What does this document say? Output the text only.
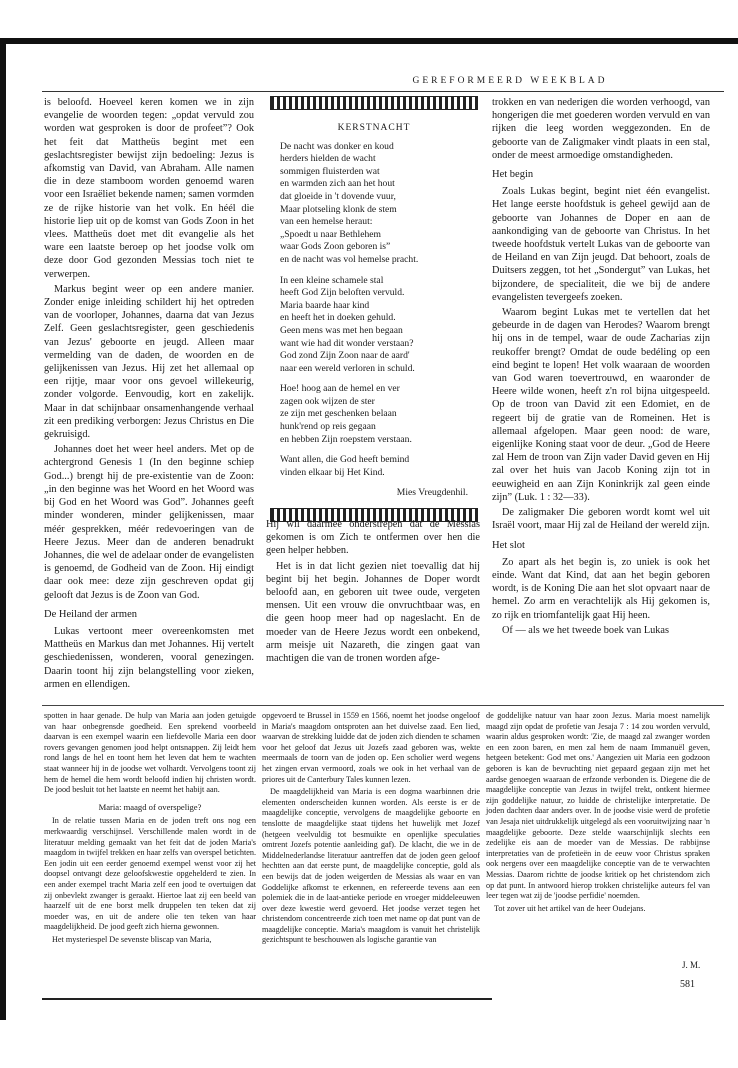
GEREFORMEERD WEEKBLAD

is beloofd. Hoeveel keren komen we in zijn evangelie de woorden tegen: „opdat vervuld zou worden wat gesproken is door de profeet”? Ook het feit dat Mattheüs begint met een geslachtsregister bewijst zijn bedoeling: Jezus is afkomstig van David, van Abraham. Alle namen die in deze stamboom worden genoemd waren voor een Israëliet bekende namen; samen vormden ze de rijke historie van het volk. En héél die historie liep uit op de komst van Gods Zoon in het vlees. Mattheüs doet met dit evangelie als het ware een laatste beroep op het joodse volk om deze door God gezonden Messias toch niet te verwerpen.

Markus begint weer op een andere manier. Zonder enige inleiding schildert hij het optreden van de voorloper, Johannes, daarna dat van Jezus Zelf. Geen geslachtsregister, geen geschiedenis van Jezus' geboorte en jeugd. Alleen maar vermelding van de daden, de woorden en de gelijkenissen van Jezus. Hij zet het allemaal op een rijtje, maar voor ons gevoel willekeurig, zonder volgorde. Eenvoudig, kort en zakelijk. Maar in dat schijnbaar onsamenhangende verhaal zit een prediking verborgen: Jezus Christus en Die gekruisigd.

Johannes doet het weer heel anders. Met op de achtergrond Genesis 1 (In den beginne schiep God...) brengt hij de pre-existentie van de Zoon: „in den beginne was het Woord en het Woord was bij God en het Woord was God”. Johannes geeft minder wonderen, minder gelijkenissen, maar méér gesprekken, méér redevoeringen van de Heere Jezus. Meer dan de anderen benadrukt Johannes, die wel de adelaar onder de evangelisten is genoemd, de Godheid van de Zoon. Hij eindigt daar ook mee: deze zijn geschreven opdat gij gelooft dat Jezus is de Zoon van God.

De Heiland der armen

Lukas vertoont meer overeenkomsten met Mattheüs en Markus dan met Johannes. Hij vertelt geschiedenissen, wonderen, vooral genezingen. Daarin toont hij zijn belangstelling voor zieken, armen en ellendigen.

KERSTNACHT
De nacht was donker en koud
herders hielden de wacht
sommigen fluisterden wat
en warmden zich aan het hout
dat gloeide in 't dovende vuur,
Maar plotseling klonk de stem
van een hemelse heraut:
„Spoedt u naar Bethlehem
waar Gods Zoon geboren is”
en de nacht was vol hemelse pracht.
In een kleine schamele stal
heeft God Zijn beloften vervuld.
Maria baarde haar kind
en heeft het in doeken gehuld.
Geen mens was met hen begaan
want wie had dit wonder verstaan?
God zond Zijn Zoon naar de aard'
naar een wereld verloren in schuld.
Hoe! hoog aan de hemel en ver
zagen ook wijzen de ster
ze zijn met geschenken belaan
hunk'rend op reis gegaan
en hebben Zijn roepstem verstaan.
Want allen, die God heeft bemind
vinden elkaar bij Het Kind.
Mies Vreugdenhil.

Hij wil daarmee onderstrepen dat de Messias gekomen is om Zich te ontfermen over hen die geen helper hebben.

Het is in dat licht gezien niet toevallig dat hij begint bij het begin. Johannes de Doper wordt beloofd aan, en geboren uit twee oude, vergeten mensen. Uit een vrouw die onvruchtbaar was, en die geen hoop meer had op nageslacht. En de moeder van de Heere Jezus wordt een onbekend, arm meisje uit Nazareth, die zingen gaat van machtigen die van de tronen worden afge-

trokken en van nederigen die worden verhoogd, van hongerigen die met goederen worden vervuld en van rijken die leeg worden weggezonden. En de geboorte van de Zaligmaker vindt plaats in een stal, onder de meest armoedige omstandigheden.

Het begin

Zoals Lukas begint, begint niet één evangelist. Het lange eerste hoofdstuk is geheel gewijd aan de geboorte van Johannes de Doper en aan de aankondiging van de geboorte van Christus. In het tweede hoofdstuk vertelt Lukas van de geboorte van de Heiland en van Zijn jeugd. Dat behoort, zoals de Duitsers zeggen, tot het „Sondergut” van Lukas, het bijzondere, de specialiteit, die we bij de andere evangelisten tevergeefs zoeken.

Waarom begint Lukas met te vertellen dat het gebeurde in de dagen van Herodes? Waarom brengt hij ons in de tempel, waar de oude Zacharias zijn reukoffer brengt? Omdat de oude bedéling op een eind begint te lopen! Het volk waaraan de woorden van God waren toevertrouwd, en waaronder de Heere wilde wonen, heeft z'n rol bijna uitgespeeld. Op de troon van David zit een Edomiet, en de regeert bij de gratie van de Romeinen. Het is allemaal afgelopen. Maar geen nood: de ware, eigenlijke Koning staat voor de deur. „God de Heere zal Hem de troon van Zijn vader David geven en Hij zal over het huis van Jacob Koning zijn tot in eeuwigheid en aan Zijn Koninkrijk zal geen einde zijn” (Luk. 1 : 32—33).

De zaligmaker Die geboren wordt komt wel uit Israël voort, maar Hij zal de Heiland der wereld zijn.

Het slot

Zo apart als het begin is, zo uniek is ook het einde. Want dat Kind, dat aan het begin geboren wordt, is de Koning Die aan het slot opvaart naar de hemel. Zo arm en verachtelijk als Hij gekomen is, zo rijk en triomfantelijk gaat Hij heen.

Of — als we het tweede boek van Lukas

spotten in haar genade. De hulp van Maria aan joden getuigde van haar onbegrensde goedheid. Een sprekend voorbeeld daarvan is een exempel waarin een liefdevolle Maria een door rovers gevangen genomen jood helpt ontsnappen. Zij leidt hem rond langs de hel en toont hem het leven dat hem te wachten staat wanneer hij in de joodse wet volhardt. Vervolgens toont zij hem de hemel die hem wordt beloofd indien hij christen wordt. De jood besluit tot het laatste en neemt het habijt aan.

Maria: maagd of overspelige?

In de relatie tussen Maria en de joden treft ons nog een merkwaardig verschijnsel. Verschillende malen wordt in de literatuur melding gemaakt van het feit dat de joden Maria's maagdom in twijfel trekken en haar zelfs van overspel betichten. Een jodin uit een eerder genoemd exempel wenst voor zij het doopsel ontvangt deze geloofskwestie opgehelderd te zien. In een ander exempel tracht Maria zelf een jood te overtuigen dat zij onbevlekt zwanger is geraakt. Hiertoe laat zij een beeld van haarzelf uit de ene borst melk druppelen ten teken dat zij moeder was, en uit de andere olie ten teken van haar maagdelijkheid. De jood geeft zich hierna gewonnen.

Het mysteriespel De sevenste bliscap van Maria,

opgevoerd te Brussel in 1559 en 1566, noemt het joodse ongeloof in Maria's maagdom ontsproten aan het duivelse zaad. Een lied, waarvan de strekking luidde dat de joden zich dienden te schamen voor het geloof dat Jezus uit Jozefs zaad geboren was, wekte meermaals de toorn van de joden op. Een scholier werd wegens het zingen ervan vermoord, zoals we ook in het verhaal van de priores uit de Canterbury Tales kunnen lezen.

De maagdelijkheid van Maria is een dogma waarbinnen drie elementen onderscheiden kunnen worden. Als eerste is er de maagdelijke conceptie, vervolgens de maagdelijke geboorte en tenslotte de maagdelijke staat tijdens het huwelijk met Jozef (hetgeen veelvuldig tot besmuikte en openlijke speculaties omtrent Jozefs potentie aanleiding gaf). De klacht, die we in de Middelnederlandse literatuur aantreffen dat de joden geen geloof hechtten aan dat eerste punt, de maagdelijke conceptie, gold als een bewijs dat de joden weigerden de Messias als waar en van Goddelijke afkomst te erkennen, en refereerde tevens aan een polemiek die in de laat-antieke periode en vroeger middeleeuwen over deze kwestie werd gevoerd. Het joodse verzet tegen het christendom concentreerde zich toen met name op dat punt van de maagdelijke conceptie. Maria's maagdom is vanuit het christelijk gezichtspunt te beschouwen als logische garantie van

de goddelijke natuur van haar zoon Jezus. Maria moest namelijk maagd zijn opdat de profetie van Jesaja 7 : 14 zou worden vervuld, waarin aldus gesproken wordt: 'Zie, de maagd zal zwanger worden en een zoon baren, en men zal hem de naam Immanuël geven, hetgeen betekent: God met ons.' Aangezien uit Maria een godzoon geboren is kan de bevruchting niet gepaard gegaan zijn met het aardse genoegen waaraan de erfzonde verbonden is. Diegene die de maagdelijke conceptie van Jezus in twijfel trekt, ontkent hiermee zijn goddelijke natuur, zo luidde de christelijke interpretatie. De joden dachten daar anders over. In de joodse visie werd de profetie van Jesaja niet uitdrukkelijk uitgelegd als een vooruitwijzing naar 'n maagdelijke geboorte. Deze stelde waarschijnlijk slechts een zedelijke eis aan de moeder van de Messias. De rabbijnse interpretaties van de profetieën in de eeuw voor Christus spraken ook nergens over een maagdelijke conceptie van de te verwachten Messias. Daarom richtte de joodse kritiek op het christendom zich op dat punt. In antwoord hierop trokken christelijke auteurs fel van leer tegen wat zij de 'joodse perfidie' noemden.

Tot zover uit het artikel van de heer Oudejans.

J. M.
581
